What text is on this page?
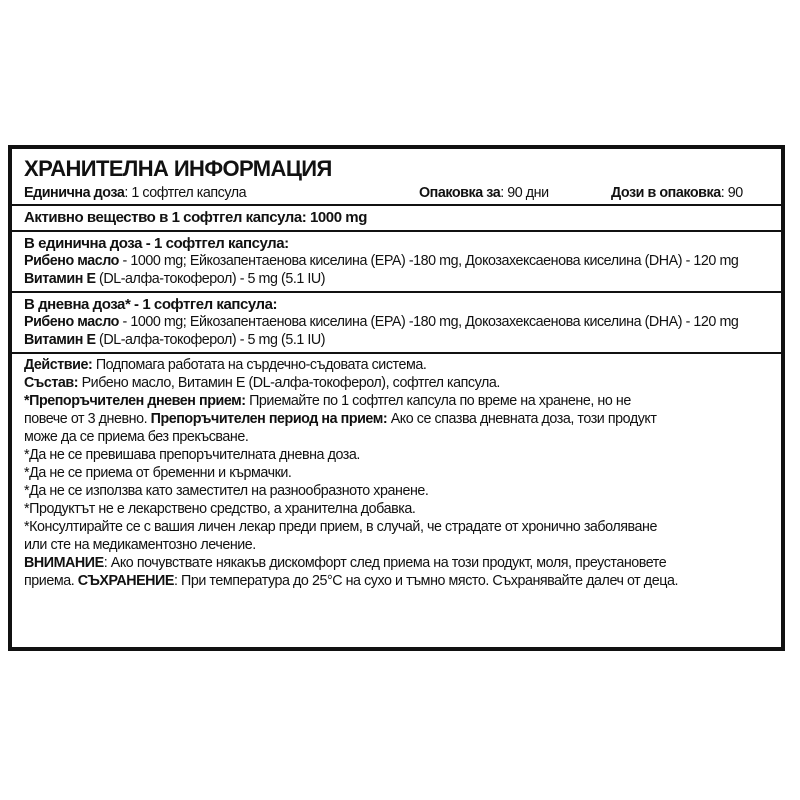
ХРАНИТЕЛНА ИНФОРМАЦИЯ
Единична доза: 1 софтгел капсула	Опаковка за: 90 дни	Дози в опаковка: 90
Активно вещество в 1 софтгел капсула: 1000 mg
В единична доза - 1 софтгел капсула:
Рибено масло - 1000 mg; Ейкозапентаенова киселина (EPA) -180 mg, Докозахексаенова киселина (DHA) - 120 mg
Витамин Е (DL-алфа-токоферол) - 5 mg (5.1 IU)
В дневна доза* - 1 софтгел капсула:
Рибено масло - 1000 mg; Ейкозапентаенова киселина (EPA) -180 mg, Докозахексаенова киселина (DHA) - 120 mg
Витамин Е (DL-алфа-токоферол) - 5 mg (5.1 IU)
Действие: Подпомага работата на сърдечно-съдовата система.
Състав: Рибено масло, Витамин Е (DL-алфа-токоферол), софтгел капсула.
*Препоръчителен дневен прием: Приемайте по 1 софтгел капсула по време на хранене, но не
повече от 3 дневно. Препоръчителен период на прием: Ако се спазва дневната доза, този продукт
може да се приема без прекъсване.
*Да не се превишава препоръчителната дневна доза.
*Да не се приема от бременни и кърмачки.
*Да не се използва като заместител на разнообразното хранене.
*Продуктът не е лекарствено средство, а хранителна добавка.
*Консултирайте се с вашия личен лекар преди прием, в случай, че страдате от хронично заболяване
или сте на медикаментозно лечение.
ВНИМАНИЕ: Ако почувствате някакъв дискомфорт след приема на този продукт, моля, преустановете
приема. СЪХРАНЕНИЕ: При температура до 25°C на сухо и тъмно място. Съхранявайте далеч от деца.
